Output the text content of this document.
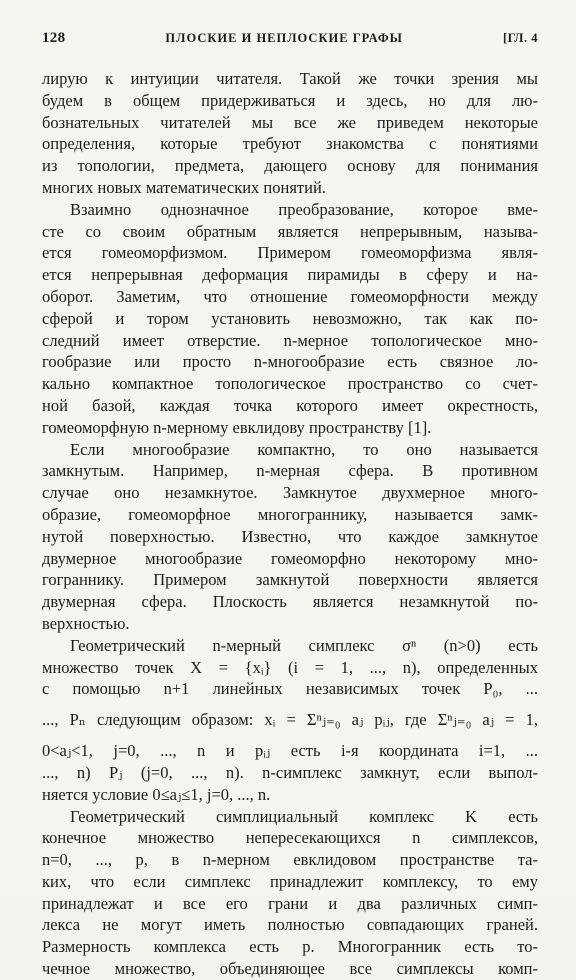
128	ПЛОСКИЕ И НЕПЛОСКИЕ ГРАФЫ	[ГЛ. 4
лирую к интуиции читателя. Такой же точки зрения мы
будем в общем придерживаться и здесь, но для лю-
бознательных читателей мы все же приведем некоторые
определения, которые требуют знакомства с понятиями
из топологии, предмета, дающего основу для понимания
многих новых математических понятий.
Взаимно однозначное преобразование, которое вме-
сте со своим обратным является непрерывным, называ-
ется гомеоморфизмом. Примером гомеоморфизма явля-
ется непрерывная деформация пирамиды в сферу и на-
оборот. Заметим, что отношение гомеоморфности между
сферой и тором установить невозможно, так как по-
следний имеет отверстие. n-мерное топологическое мно-
гообразие или просто n-многообразие есть связное ло-
кально компактное топологическое пространство со счет-
ной базой, каждая точка которого имеет окрестность,
гомеоморфную n-мерному евклидову пространству [1].
Если многообразие компактно, то оно называется
замкнутым. Например, n-мерная сфера. В противном
случае оно незамкнутое. Замкнутое двухмерное много-
образие, гомеоморфное многограннику, называется замк-
нутой поверхностью. Известно, что каждое замкнутое
двумерное многообразие гомеоморфно некоторому мно-
гограннику. Примером замкнутой поверхности является
двумерная сфера. Плоскость является незамкнутой по-
верхностью.
Геометрический n-мерный симплекс σⁿ (n>0) есть
множество точек X = {xᵢ} (i = 1, ..., n), определенных
с помощью n+1 линейных независимых точек P₀, ...
..., Pₙ следующим образом: xᵢ = Σⁿⱼ₌₀ aⱼ pᵢⱼ, где Σⁿⱼ₌₀ aⱼ = 1,
0<aⱼ<1, j=0, ..., n и pᵢⱼ есть i-я координата i=1, ...
..., n) Pⱼ (j=0, ..., n). n-симплекс замкнут, если выпол-
няется условие 0≤aⱼ≤1, j=0, ..., n.
Геометрический симплициальный комплекс K есть
конечное множество непересекающихся n симплексов,
n=0, ..., p, в n-мерном евклидовом пространстве та-
ких, что если симплекс принадлежит комплексу, то ему
принадлежат и все его грани и два различных симп-
лекса не могут иметь полностью совпадающих граней.
Размерность комплекса есть p. Многогранник есть то-
чечное множество, объединяющее все симплексы комп-
